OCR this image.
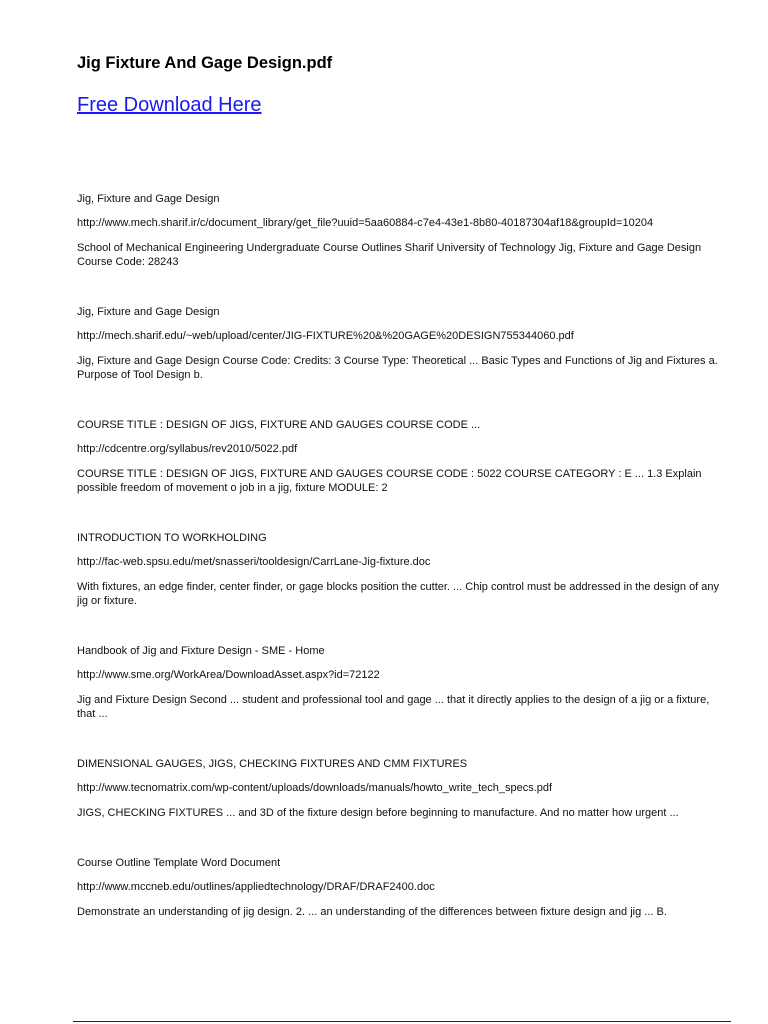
Jig Fixture And Gage Design.pdf
Free Download Here

Jig, Fixture and Gage Design

http://www.mech.sharif.ir/c/document_library/get_file?uuid=5aa60884-c7e4-43e1-8b80-40187304af18&groupId=10204

School of Mechanical Engineering Undergraduate Course Outlines Sharif University of Technology Jig, Fixture and Gage Design Course Code: 28243

Jig, Fixture and Gage Design

http://mech.sharif.edu/~web/upload/center/JIG-FIXTURE%20&%20GAGE%20DESIGN755344060.pdf

Jig, Fixture and Gage Design Course Code: Credits: 3 Course Type: Theoretical ... Basic Types and Functions of Jig and Fixtures a. Purpose of Tool Design b.

COURSE TITLE : DESIGN OF JIGS, FIXTURE AND GAUGES COURSE CODE ...

http://cdcentre.org/syllabus/rev2010/5022.pdf

COURSE TITLE : DESIGN OF JIGS, FIXTURE AND GAUGES COURSE CODE : 5022 COURSE CATEGORY : E ... 1.3 Explain possible freedom of movement o job in a jig, fixture MODULE: 2

INTRODUCTION TO WORKHOLDING

http://fac-web.spsu.edu/met/snasseri/tooldesign/CarrLane-Jig-fixture.doc

With fixtures, an edge finder, center finder, or gage blocks position the cutter. ... Chip control must be addressed in the design of any jig or fixture.

Handbook of Jig and Fixture Design - SME - Home

http://www.sme.org/WorkArea/DownloadAsset.aspx?id=72122

Jig and Fixture Design Second ... student and professional tool and gage ... that it directly applies to the design of a jig or a fixture, that ...

DIMENSIONAL GAUGES, JIGS, CHECKING FIXTURES AND CMM FIXTURES

http://www.tecnomatrix.com/wp-content/uploads/downloads/manuals/howto_write_tech_specs.pdf

JIGS, CHECKING FIXTURES ... and 3D of the fixture design before beginning to manufacture. And no matter how urgent ...

Course Outline Template Word Document

http://www.mccneb.edu/outlines/appliedtechnology/DRAF/DRAF2400.doc

Demonstrate an understanding of jig design. 2. ... an understanding of the differences between fixture design and jig ... B.
